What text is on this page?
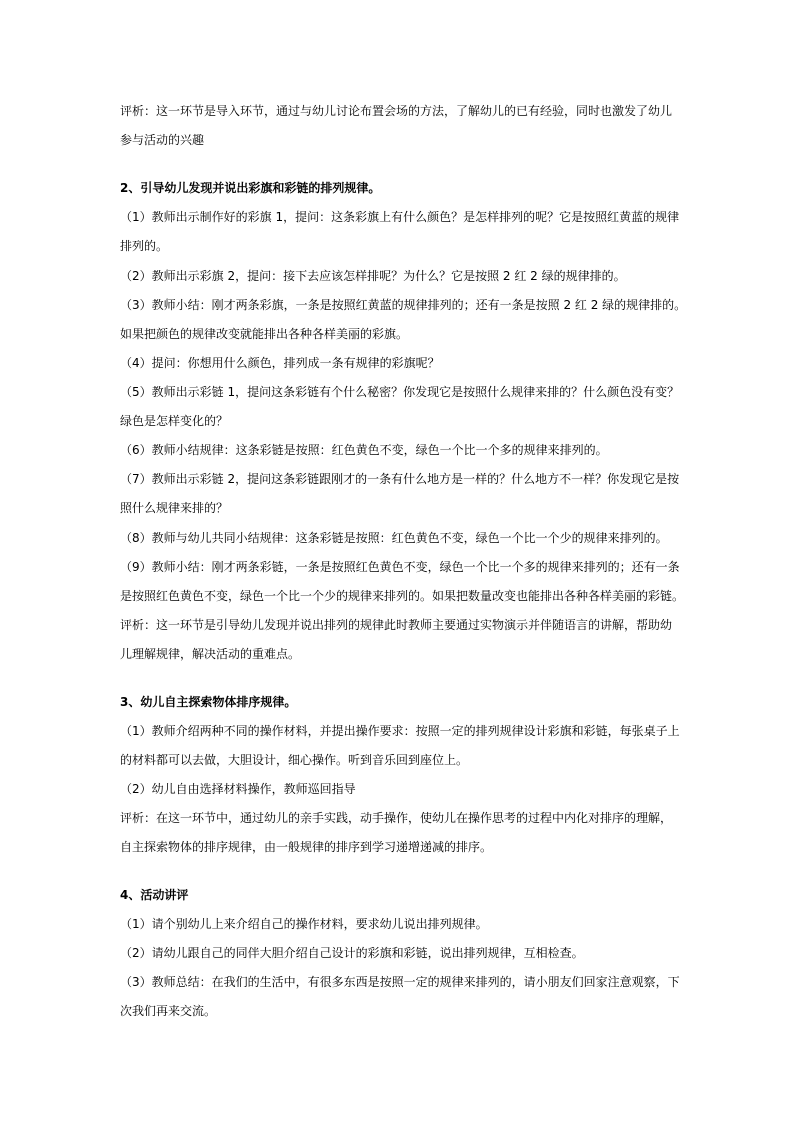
评析：这一环节是导入环节，通过与幼儿讨论布置会场的方法，了解幼儿的已有经验，同时也激发了幼儿
参与活动的兴趣
2、引导幼儿发现并说出彩旗和彩链的排列规律。
（1）教师出示制作好的彩旗 1，提问：这条彩旗上有什么颜色？是怎样排列的呢？它是按照红黄蓝的规律
排列的。
（2）教师出示彩旗 2，提问：接下去应该怎样排呢？为什么？它是按照 2 红 2 绿的规律排的。
（3）教师小结：刚才两条彩旗，一条是按照红黄蓝的规律排列的；还有一条是按照 2 红 2 绿的规律排的。
如果把颜色的规律改变就能排出各种各样美丽的彩旗。
（4）提问：你想用什么颜色，排列成一条有规律的彩旗呢？
（5）教师出示彩链 1，提问这条彩链有个什么秘密？你发现它是按照什么规律来排的？什么颜色没有变？
绿色是怎样变化的？
（6）教师小结规律：这条彩链是按照：红色黄色不变，绿色一个比一个多的规律来排列的。
（7）教师出示彩链 2，提问这条彩链跟刚才的一条有什么地方是一样的？什么地方不一样？你发现它是按
照什么规律来排的？
（8）教师与幼儿共同小结规律：这条彩链是按照：红色黄色不变，绿色一个比一个少的规律来排列的。
（9）教师小结：刚才两条彩链，一条是按照红色黄色不变，绿色一个比一个多的规律来排列的；还有一条
是按照红色黄色不变，绿色一个比一个少的规律来排列的。如果把数量改变也能排出各种各样美丽的彩链。
评析：这一环节是引导幼儿发现并说出排列的规律此时教师主要通过实物演示并伴随语言的讲解，帮助幼
儿理解规律，解决活动的重难点。
3、幼儿自主探索物体排序规律。
（1）教师介绍两种不同的操作材料，并提出操作要求：按照一定的排列规律设计彩旗和彩链，每张桌子上
的材料都可以去做，大胆设计，细心操作。听到音乐回到座位上。
（2）幼儿自由选择材料操作，教师巡回指导
评析：在这一环节中，通过幼儿的亲手实践，动手操作，使幼儿在操作思考的过程中内化对排序的理解，
自主探索物体的排序规律，由一般规律的排序到学习递增递减的排序。
4、活动讲评
（1）请个别幼儿上来介绍自己的操作材料，要求幼儿说出排列规律。
（2）请幼儿跟自己的同伴大胆介绍自己设计的彩旗和彩链，说出排列规律，互相检查。
（3）教师总结：在我们的生活中，有很多东西是按照一定的规律来排列的，请小朋友们回家注意观察，下
次我们再来交流。
